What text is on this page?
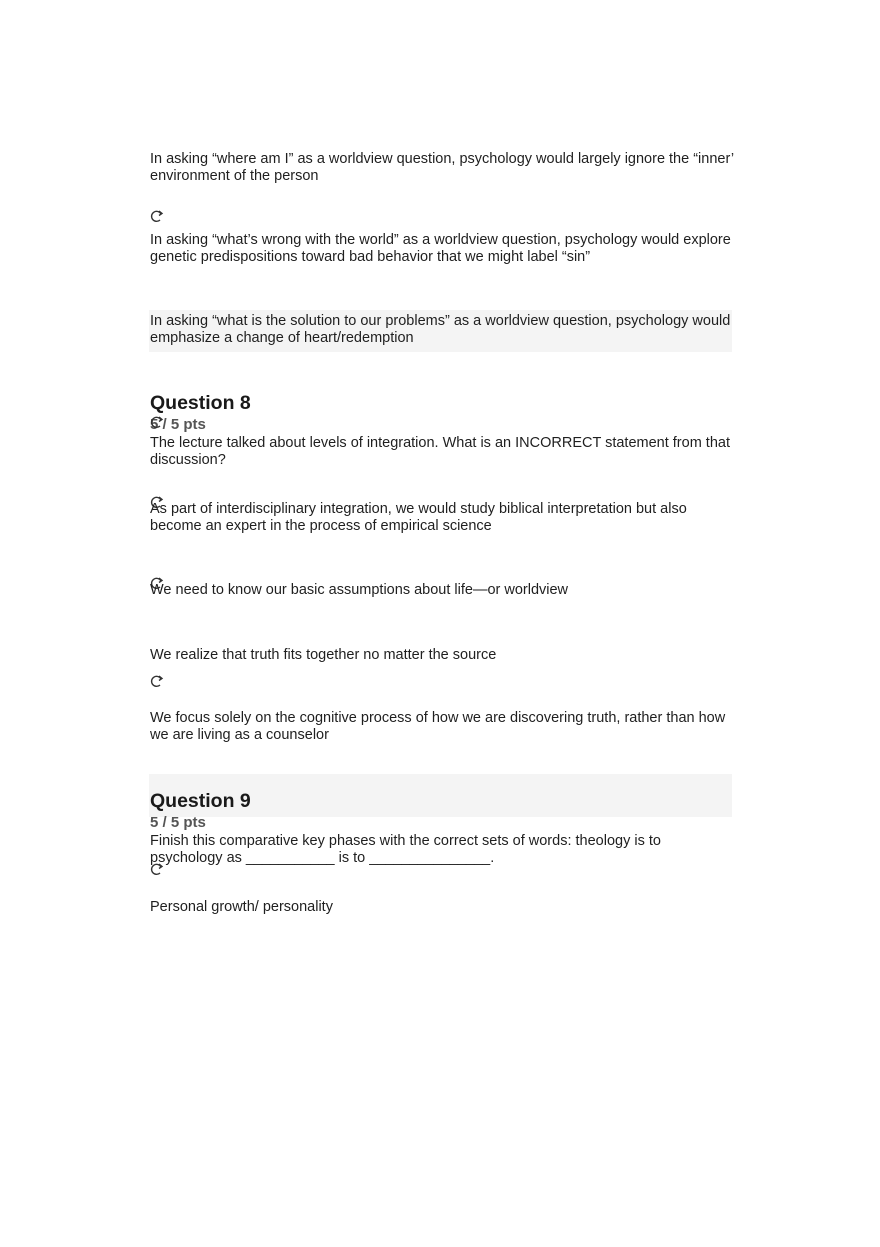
In asking “where am I” as a worldview question, psychology would largely ignore the “inner’ environment of the person
In asking “what’s wrong with the world” as a worldview question, psychology would explore genetic predispositions toward bad behavior that we might label “sin”
In asking “what is the solution to our problems” as a worldview question, psychology would emphasize a change of heart/redemption
Question 8
5 / 5 pts
The lecture talked about levels of integration. What is an INCORRECT statement from that discussion?
As part of interdisciplinary integration, we would study biblical interpretation but also become an expert in the process of empirical science
We need to know our basic assumptions about life—or worldview
We realize that truth fits together no matter the source
We focus solely on the cognitive process of how we are discovering truth, rather than how we are living as a counselor
Question 9
5 / 5 pts
Finish this comparative key phases with the correct sets of words: theology is to psychology as ___________ is to _______________.
Personal growth/ personality
